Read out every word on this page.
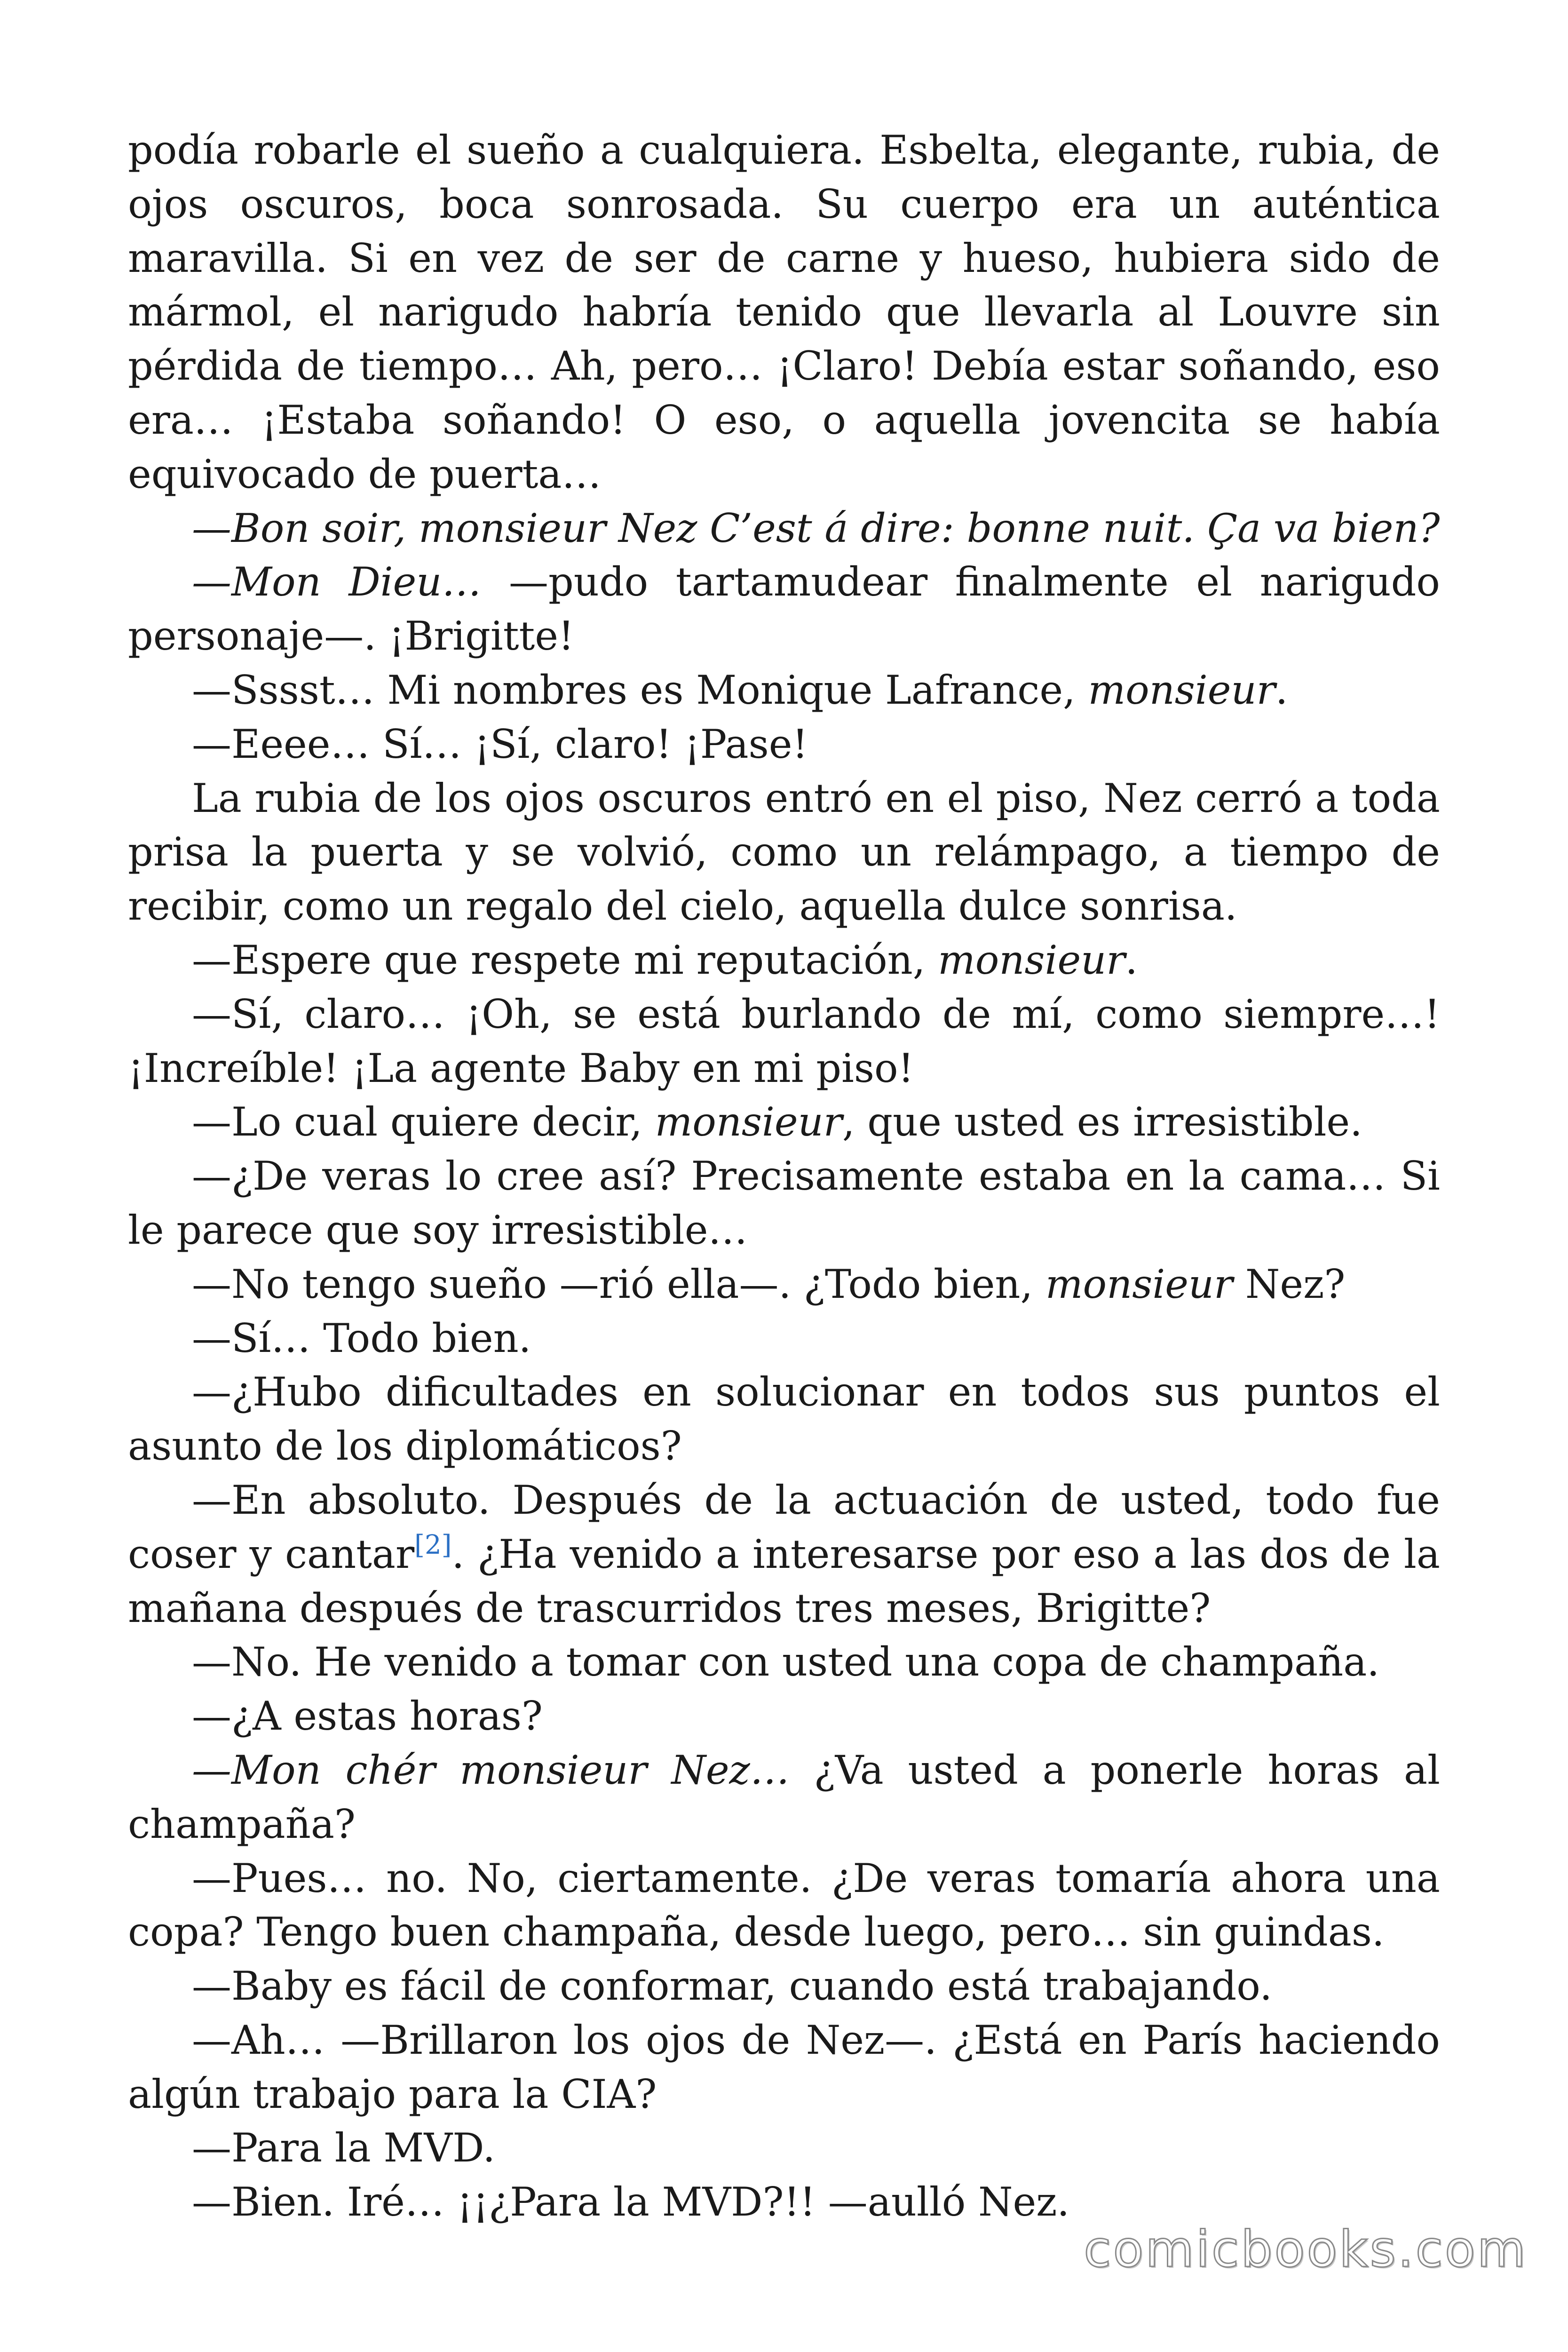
podía robarle el sueño a cualquiera. Esbelta, elegante, rubia, de ojos oscuros, boca sonrosada. Su cuerpo era un auténtica maravilla. Si en vez de ser de carne y hueso, hubiera sido de mármol, el narigudo habría tenido que llevarla al Louvre sin pérdida de tiempo… Ah, pero… ¡Claro! Debía estar soñando, eso era… ¡Estaba soñando! O eso, o aquella jovencita se había equivocado de puerta…

—Bon soir, monsieur Nez C’est á dire: bonne nuit. Ça va bien?

—Mon Dieu… —pudo tartamudear finalmente el narigudo personaje—. ¡Brigitte!

—Sssst… Mi nombres es Monique Lafrance, monsieur.

—Eeee… Sí… ¡Sí, claro! ¡Pase!

La rubia de los ojos oscuros entró en el piso, Nez cerró a toda prisa la puerta y se volvió, como un relámpago, a tiempo de recibir, como un regalo del cielo, aquella dulce sonrisa.

—Espere que respete mi reputación, monsieur.

—Sí, claro… ¡Oh, se está burlando de mí, como siempre…! ¡Increíble! ¡La agente Baby en mi piso!

—Lo cual quiere decir, monsieur, que usted es irresistible.

—¿De veras lo cree así? Precisamente estaba en la cama… Si le parece que soy irresistible…

—No tengo sueño —rió ella—. ¿Todo bien, monsieur Nez?

—Sí… Todo bien.

—¿Hubo dificultades en solucionar en todos sus puntos el asunto de los diplomáticos?

—En absoluto. Después de la actuación de usted, todo fue coser y cantar[2]. ¿Ha venido a interesarse por eso a las dos de la mañana después de trascurridos tres meses, Brigitte?

—No. He venido a tomar con usted una copa de champaña.

—¿A estas horas?

—Mon chér monsieur Nez… ¿Va usted a ponerle horas al champaña?

—Pues… no. No, ciertamente. ¿De veras tomaría ahora una copa? Tengo buen champaña, desde luego, pero… sin guindas.

—Baby es fácil de conformar, cuando está trabajando.

—Ah… —Brillaron los ojos de Nez—. ¿Está en París haciendo algún trabajo para la CIA?

—Para la MVD.

—Bien. Iré… ¡¡¿Para la MVD?!! —aulló Nez.

comicbooks.com
